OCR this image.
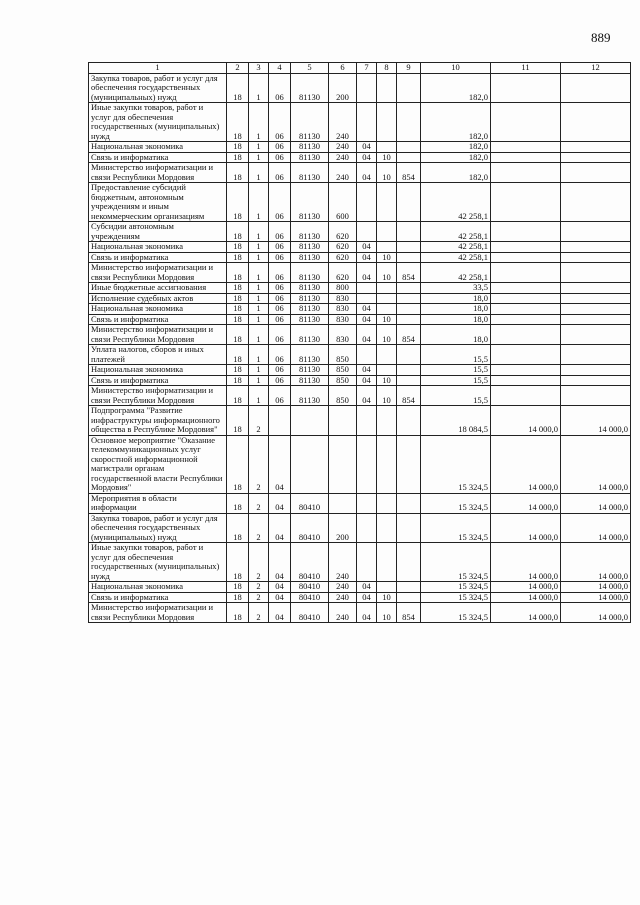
889
1	2	3	4	5	6	7	8	9	10	11	12
Закупка товаров, работ и услуг для обеспечения государственных (муниципальных) нужд	18	1	06	81130	200				182,0		
Иные закупки товаров, работ и услуг для обеспечения государственных (муниципальных) нужд	18	1	06	81130	240				182,0		
Национальная экономика	18	1	06	81130	240	04			182,0		
Связь и информатика	18	1	06	81130	240	04	10		182,0		
Министерство информатизации и связи Республики Мордовия	18	1	06	81130	240	04	10	854	182,0		
Предоставление субсидий бюджетным, автономным учреждениям и иным некоммерческим организациям	18	1	06	81130	600				42 258,1		
Субсидии автономным учреждениям	18	1	06	81130	620				42 258,1		
Национальная экономика	18	1	06	81130	620	04			42 258,1		
Связь и информатика	18	1	06	81130	620	04	10		42 258,1		
Министерство информатизации и связи Республики Мордовия	18	1	06	81130	620	04	10	854	42 258,1		
Иные бюджетные ассигнования	18	1	06	81130	800				33,5		
Исполнение судебных актов	18	1	06	81130	830				18,0		
Национальная экономика	18	1	06	81130	830	04			18,0		
Связь и информатика	18	1	06	81130	830	04	10		18,0		
Министерство информатизации и связи Республики Мордовия	18	1	06	81130	830	04	10	854	18,0		
Уплата налогов, сборов и иных платежей	18	1	06	81130	850				15,5		
Национальная экономика	18	1	06	81130	850	04			15,5		
Связь и информатика	18	1	06	81130	850	04	10		15,5		
Министерство информатизации и связи Республики Мордовия	18	1	06	81130	850	04	10	854	15,5		
Подпрограмма "Развитие инфраструктуры информационного общества в Республике Мордовия"	18	2							18 084,5	14 000,0	14 000,0
Основное мероприятие "Оказание телекоммуникационных услуг скоростной информационной магистрали органам государственной власти Республики Мордовия"	18	2	04						15 324,5	14 000,0	14 000,0
Мероприятия в области информации	18	2	04	80410					15 324,5	14 000,0	14 000,0
Закупка товаров, работ и услуг для обеспечения государственных (муниципальных) нужд	18	2	04	80410	200				15 324,5	14 000,0	14 000,0
Иные закупки товаров, работ и услуг для обеспечения государственных (муниципальных) нужд	18	2	04	80410	240				15 324,5	14 000,0	14 000,0
Национальная экономика	18	2	04	80410	240	04			15 324,5	14 000,0	14 000,0
Связь и информатика	18	2	04	80410	240	04	10		15 324,5	14 000,0	14 000,0
Министерство информатизации и связи Республики Мордовия	18	2	04	80410	240	04	10	854	15 324,5	14 000,0	14 000,0
